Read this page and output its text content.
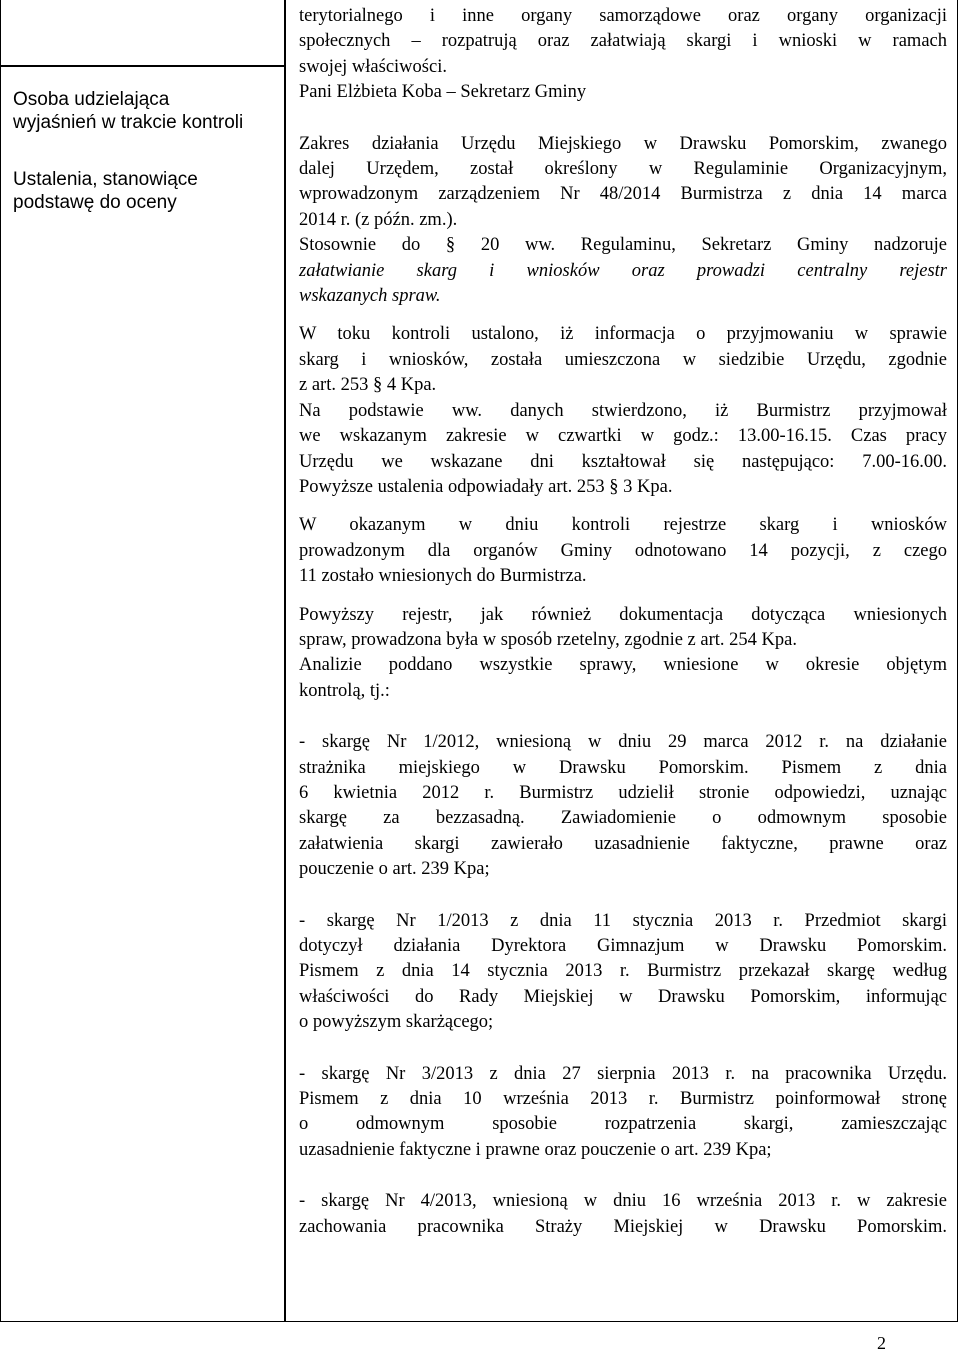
Osoba udzielająca wyjaśnień w trakcie kontroli
Ustalenia, stanowiące podstawę do oceny

terytorialnego i inne organy samorządowe oraz organy organizacji

społecznych – rozpatrują oraz załatwiają skargi i wnioski w ramach

swojej właściwości.

Pani Elżbieta Koba – Sekretarz Gminy

Zakres działania Urzędu Miejskiego w Drawsku Pomorskim, zwanego

dalej Urzędem, został określony w Regulaminie Organizacyjnym,

wprowadzonym zarządzeniem Nr 48/2014 Burmistrza z dnia 14 marca

2014 r. (z późn. zm.).

Stosownie do § 20 ww. Regulaminu, Sekretarz Gminy nadzoruje

załatwianie skarg i wniosków oraz prowadzi centralny rejestr

wskazanych spraw.

W toku kontroli ustalono, iż informacja o przyjmowaniu w sprawie

skarg i wniosków, została umieszczona w siedzibie Urzędu, zgodnie

z art. 253 § 4 Kpa.

Na podstawie ww. danych stwierdzono, iż Burmistrz przyjmował

we wskazanym zakresie w czwartki w godz.: 13.00-16.15. Czas pracy

Urzędu we wskazane dni kształtował się następująco: 7.00-16.00.

Powyższe ustalenia odpowiadały art. 253 § 3 Kpa.

W okazanym w dniu kontroli rejestrze skarg i wniosków

prowadzonym dla organów Gminy odnotowano 14 pozycji, z czego

11 zostało wniesionych do Burmistrza.

Powyższy rejestr, jak również dokumentacja dotycząca wniesionych

spraw, prowadzona była w sposób rzetelny, zgodnie z art. 254 Kpa.

Analizie poddano wszystkie sprawy, wniesione w okresie objętym

kontrolą, tj.:

- skargę Nr 1/2012, wniesioną w dniu 29 marca 2012 r. na działanie

strażnika miejskiego w Drawsku Pomorskim. Pismem z dnia

6 kwietnia 2012 r. Burmistrz udzielił stronie odpowiedzi, uznając

skargę za bezzasadną. Zawiadomienie o odmownym sposobie

załatwienia skargi zawierało uzasadnienie faktyczne, prawne oraz

pouczenie o art. 239 Kpa;

- skargę Nr 1/2013 z dnia 11 stycznia 2013 r. Przedmiot skargi

dotyczył działania Dyrektora Gimnazjum w Drawsku Pomorskim.

Pismem z dnia 14 stycznia 2013 r. Burmistrz przekazał skargę według

właściwości do Rady Miejskiej w Drawsku Pomorskim, informując

o powyższym skarżącego;

- skargę Nr 3/2013 z dnia 27 sierpnia 2013 r. na pracownika Urzędu.

Pismem z dnia 10 września 2013 r. Burmistrz poinformował stronę

o odmownym sposobie rozpatrzenia skargi, zamieszczając

uzasadnienie faktyczne i prawne oraz pouczenie o art. 239 Kpa;

- skargę Nr 4/2013, wniesioną w dniu 16 września 2013 r. w zakresie

zachowania pracownika Straży Miejskiej w Drawsku Pomorskim.

2
